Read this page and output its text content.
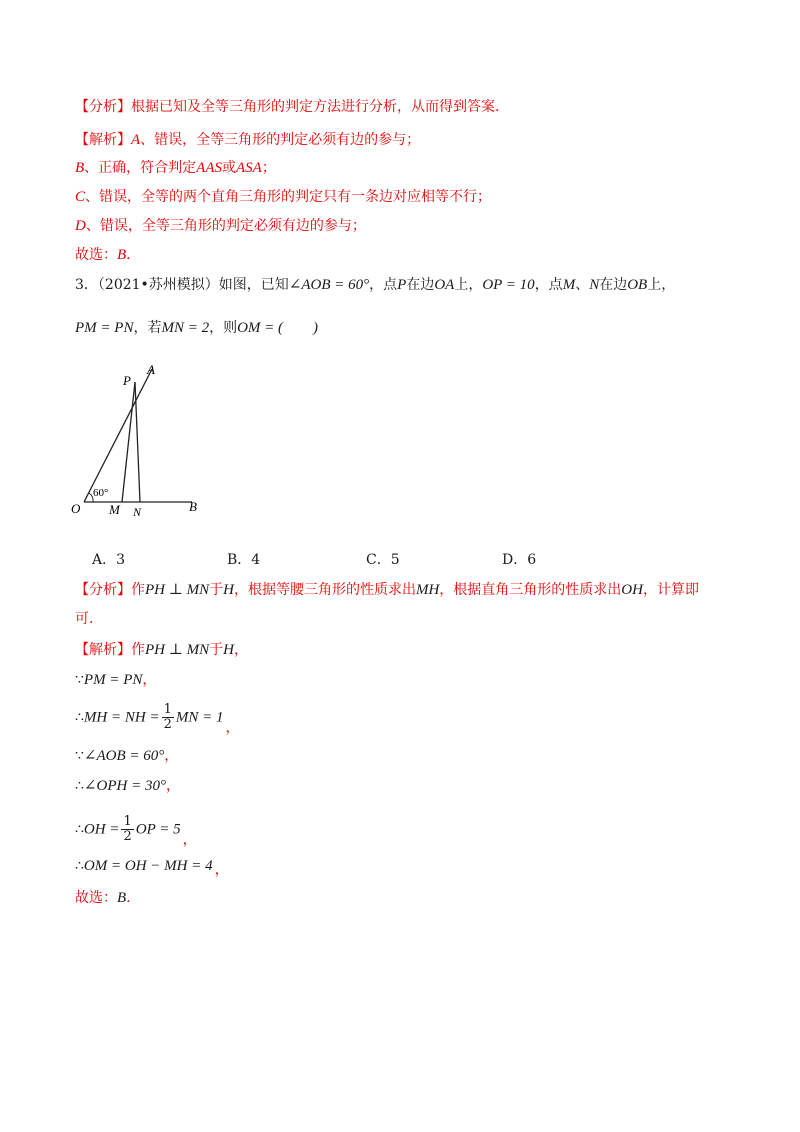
【分析】根据已知及全等三角形的判定方法进行分析，从而得到答案.
【解析】A、错误，全等三角形的判定必须有边的参与；
B、正确，符合判定AAS或ASA；
C、错误，全等的两个直角三角形的判定只有一条边对应相等不行；
D、错误，全等三角形的判定必须有边的参与；
故选：B.
3．（2021•苏州模拟）如图，已知∠AOB = 60°，点P在边OA上，OP = 10，点M、N在边OB上，
PM = PN，若MN = 2，则OM = (　　)
A
P
60°
O M N	B
A．3	B．4	C．5	D．6
【分析】作PH ⊥ MN于H，根据等腰三角形的性质求出MH，根据直角三角形的性质求出OH，计算即
可.
【解析】作PH ⊥ MN于H，
∵PM = PN，
∴MH = NH = $\frac{1}{2}$ MN = 1，
∵∠AOB = 60°，
∴∠OPH = 30°，
∴OH = $\frac{1}{2}$ OP = 5，
∴OM = OH − MH = 4 ，
故选：B.
